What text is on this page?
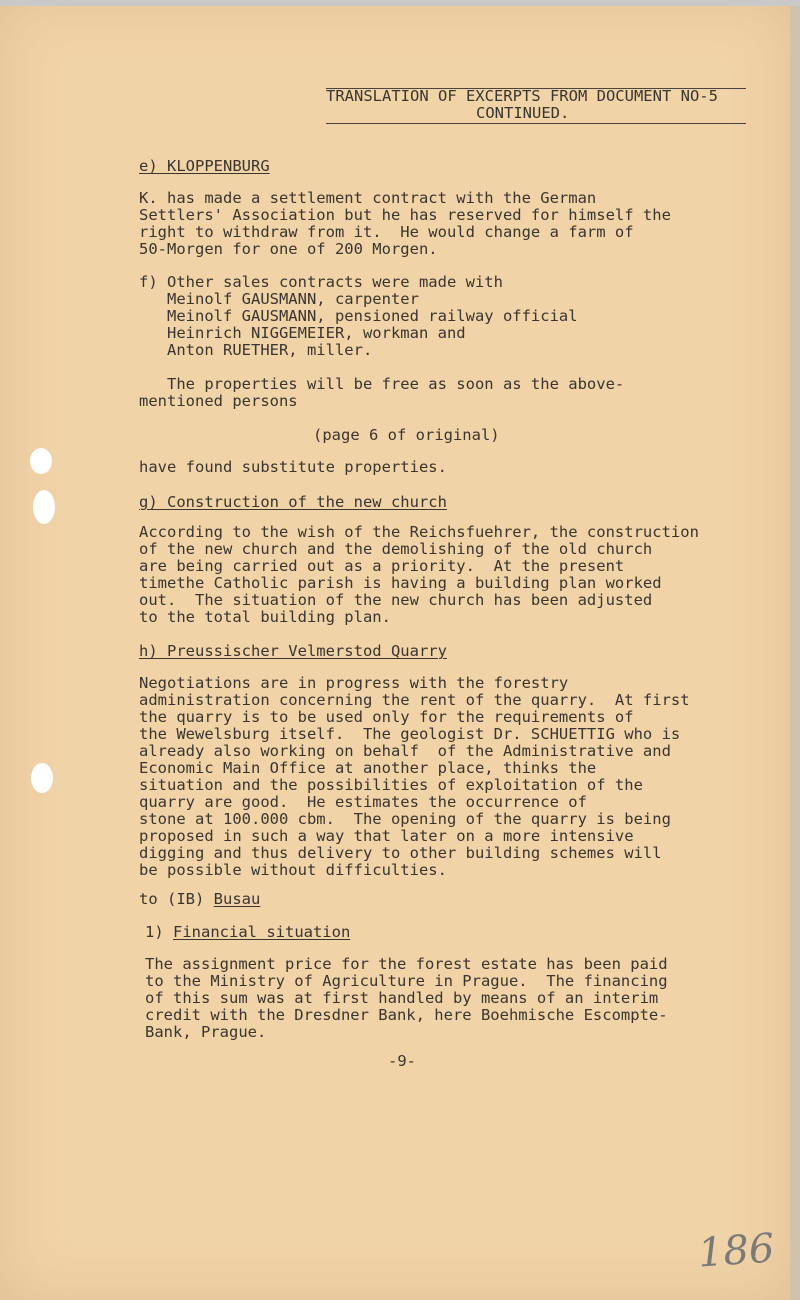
TRANSLATION OF EXCERPTS FROM DOCUMENT NO-5
CONTINUED.

e) KLOPPENBURG

K. has made a settlement contract with the German
Settlers' Association but he has reserved for himself the
right to withdraw from it.  He would change a farm of
50-Morgen for one of 200 Morgen.

f) Other sales contracts were made with
Meinolf GAUSMANN, carpenter
Meinolf GAUSMANN, pensioned railway official
Heinrich NIGGEMEIER, workman and
Anton RUETHER, miller.

The properties will be free as soon as the above-
mentioned persons

(page 6 of original)

have found substitute properties.

g) Construction of the new church

According to the wish of the Reichsfuehrer, the construction
of the new church and the demolishing of the old church
are being carried out as a priority.  At the present
timethe Catholic parish is having a building plan worked
out.  The situation of the new church has been adjusted
to the total building plan.

h) Preussischer Velmerstod Quarry

Negotiations are in progress with the forestry
administration concerning the rent of the quarry.  At first
the quarry is to be used only for the requirements of
the Wewelsburg itself.  The geologist Dr. SCHUETTIG who is
already also working on behalf  of the Administrative and
Economic Main Office at another place, thinks the
situation and the possibilities of exploitation of the
quarry are good.  He estimates the occurrence of
stone at 100.000 cbm.  The opening of the quarry is being
proposed in such a way that later on a more intensive
digging and thus delivery to other building schemes will
be possible without difficulties.

to (IB) Busau

1) Financial situation

The assignment price for the forest estate has been paid
to the Ministry of Agriculture in Prague.  The financing
of this sum was at first handled by means of an interim
credit with the Dresdner Bank, here Boehmische Escompte-
Bank, Prague.

-9-

186
